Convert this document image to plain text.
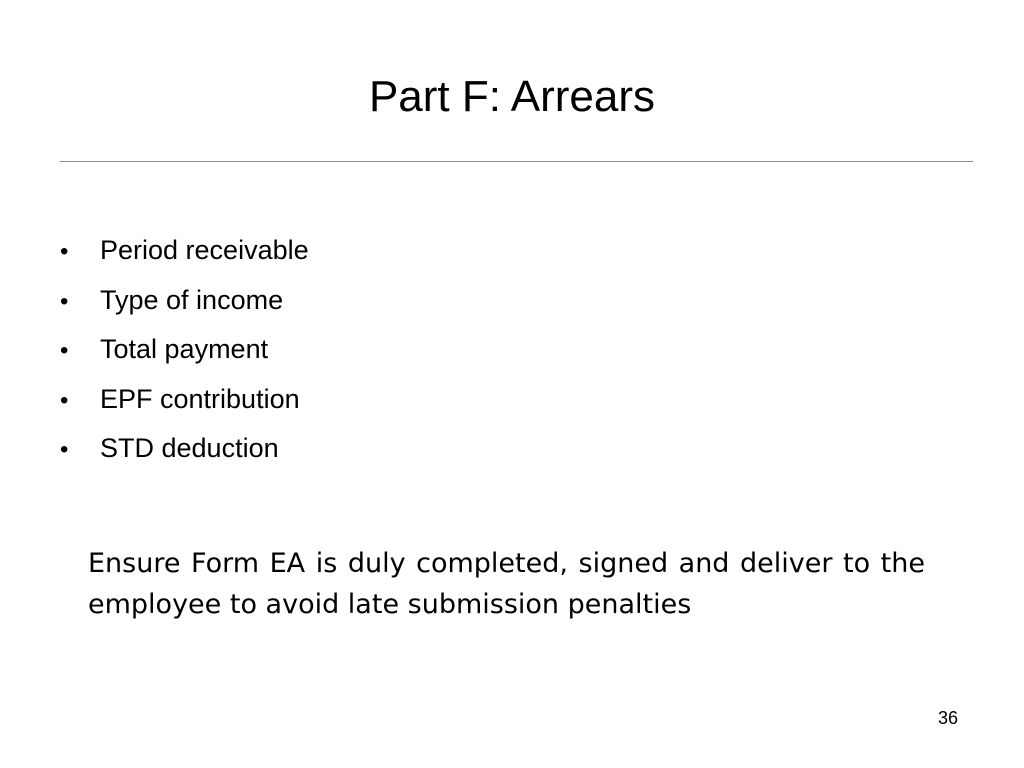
Part F: Arrears
•	Period receivable
•	Type of income
•	Total payment
•	EPF contribution
•	STD deduction

Ensure Form EA is duly completed, signed and deliver to the employee to avoid late submission penalties

36
